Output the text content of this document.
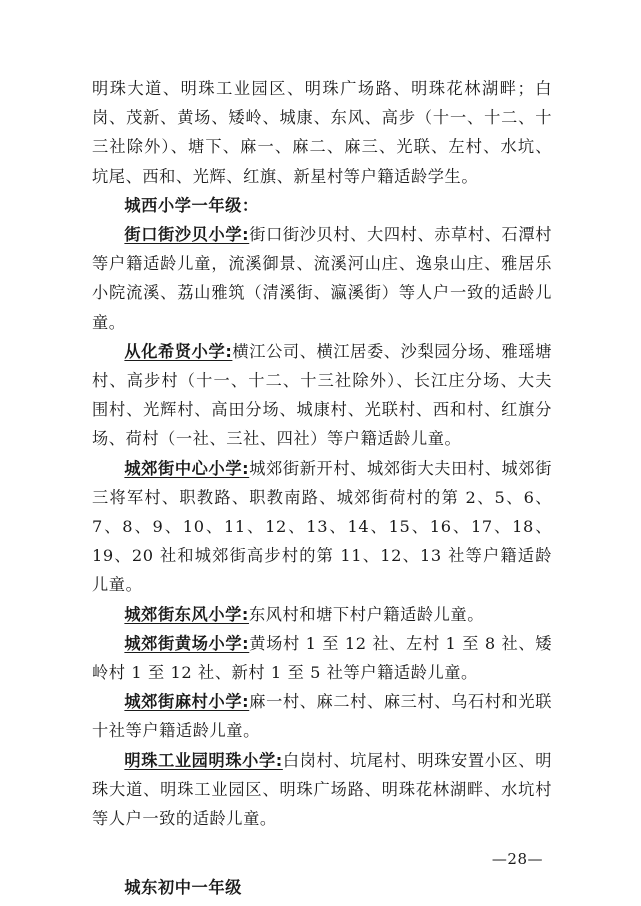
明珠大道、明珠工业园区、明珠广场路、明珠花林湖畔；白岗、茂新、黄场、矮岭、城康、东风、高步（十一、十二、十三社除外）、塘下、麻一、麻二、麻三、光联、左村、水坑、坑尾、西和、光辉、红旗、新星村等户籍适龄学生。

城西小学一年级：

街口街沙贝小学:街口街沙贝村、大四村、赤草村、石潭村等户籍适龄儿童，流溪御景、流溪河山庄、逸泉山庄、雅居乐小院流溪、荔山雅筑（清溪街、瀛溪街）等人户一致的适龄儿童。

从化希贤小学:横江公司、横江居委、沙梨园分场、雅瑶塘村、高步村（十一、十二、十三社除外）、长江庄分场、大夫围村、光辉村、高田分场、城康村、光联村、西和村、红旗分场、荷村（一社、三社、四社）等户籍适龄儿童。

城郊街中心小学:城郊街新开村、城郊街大夫田村、城郊街三将军村、职教路、职教南路、城郊街荷村的第 2、5、6、7、8、9、10、11、12、13、14、15、16、17、18、19、20 社和城郊街高步村的第 11、12、13 社等户籍适龄儿童。

城郊街东风小学:东风村和塘下村户籍适龄儿童。

城郊街黄场小学:黄场村 1 至 12 社、左村 1 至 8 社、矮岭村 1 至 12 社、新村 1 至 5 社等户籍适龄儿童。

城郊街麻村小学:麻一村、麻二村、麻三村、乌石村和光联十社等户籍适龄儿童。

明珠工业园明珠小学:白岗村、坑尾村、明珠安置小区、明珠大道、明珠工业园区、明珠广场路、明珠花林湖畔、水坑村等人户一致的适龄儿童。

城东初中一年级

—28—
